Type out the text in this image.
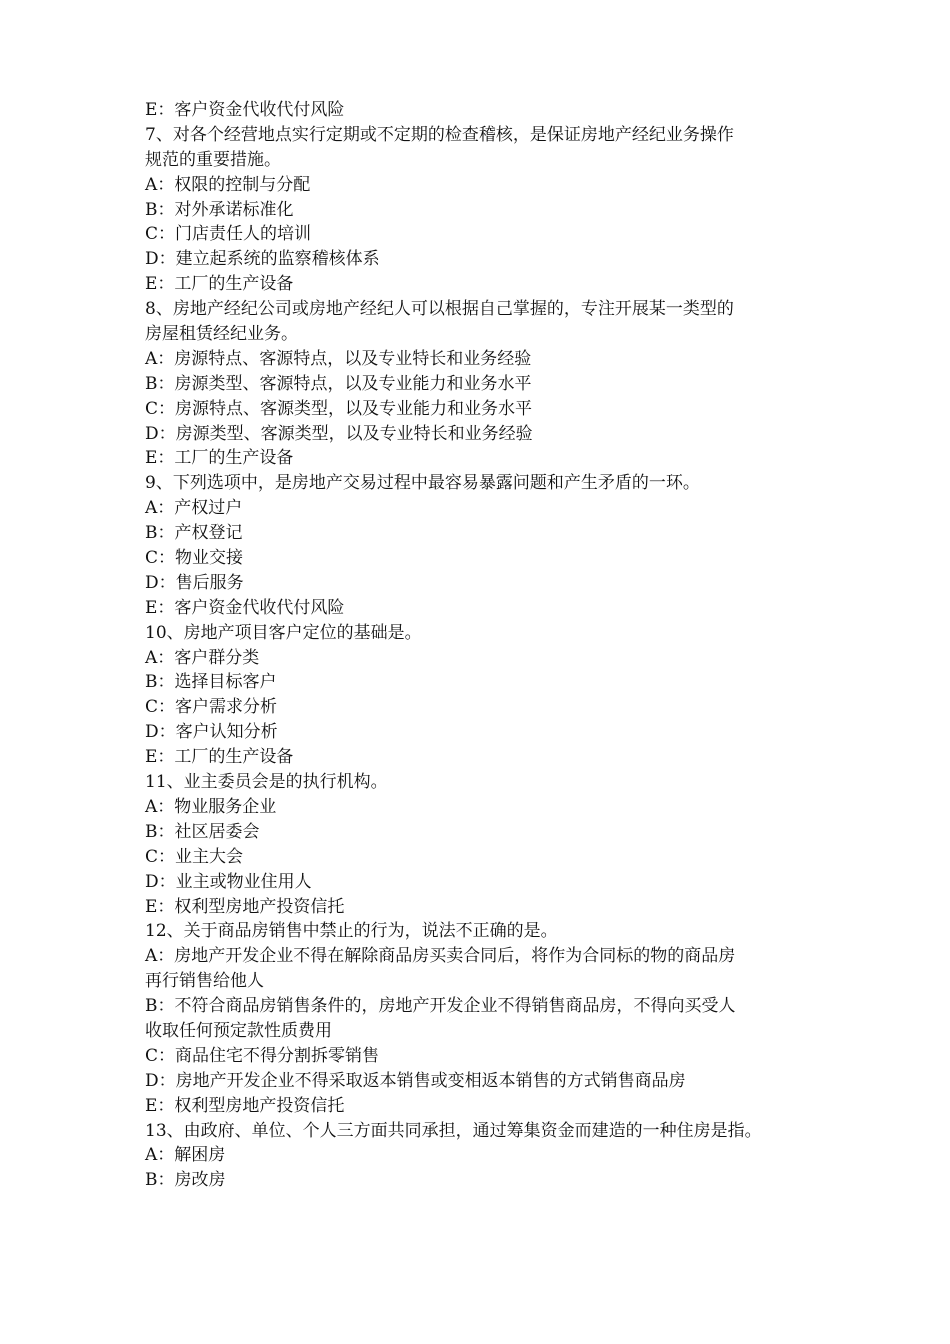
E：客户资金代收代付风险
7、对各个经营地点实行定期或不定期的检查稽核，是保证房地产经纪业务操作
规范的重要措施。
A：权限的控制与分配
B：对外承诺标准化
C：门店责任人的培训
D：建立起系统的监察稽核体系
E：工厂的生产设备
8、房地产经纪公司或房地产经纪人可以根据自己掌握的，专注开展某一类型的
房屋租赁经纪业务。
A：房源特点、客源特点，以及专业特长和业务经验
B：房源类型、客源特点，以及专业能力和业务水平
C：房源特点、客源类型，以及专业能力和业务水平
D：房源类型、客源类型，以及专业特长和业务经验
E：工厂的生产设备
9、下列选项中，是房地产交易过程中最容易暴露问题和产生矛盾的一环。
A：产权过户
B：产权登记
C：物业交接
D：售后服务
E：客户资金代收代付风险
10、房地产项目客户定位的基础是。
A：客户群分类
B：选择目标客户
C：客户需求分析
D：客户认知分析
E：工厂的生产设备
11、业主委员会是的执行机构。
A：物业服务企业
B：社区居委会
C：业主大会
D：业主或物业住用人
E：权利型房地产投资信托
12、关于商品房销售中禁止的行为，说法不正确的是。
A：房地产开发企业不得在解除商品房买卖合同后，将作为合同标的物的商品房
再行销售给他人
B：不符合商品房销售条件的，房地产开发企业不得销售商品房，不得向买受人
收取任何预定款性质费用
C：商品住宅不得分割拆零销售
D：房地产开发企业不得采取返本销售或变相返本销售的方式销售商品房
E：权利型房地产投资信托
13、由政府、单位、个人三方面共同承担，通过筹集资金而建造的一种住房是指。
A：解困房
B：房改房
